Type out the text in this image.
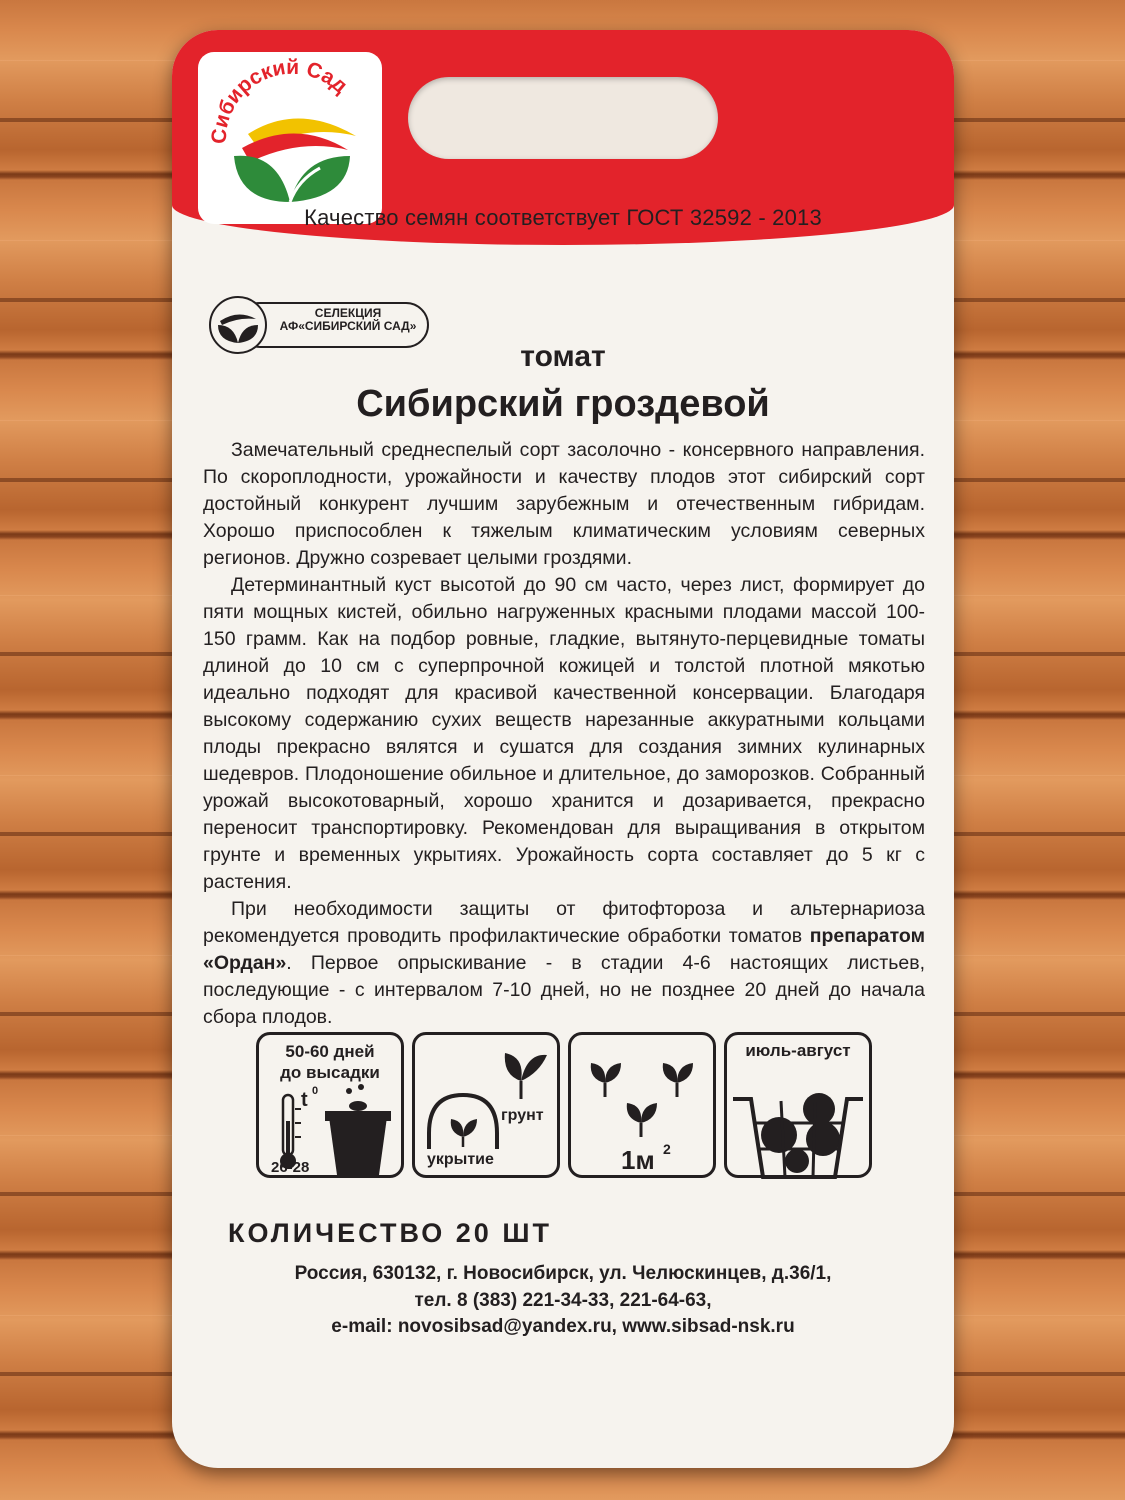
Сибирский Сад
Качество семян соответствует ГОСТ 32592 - 2013
СЕЛЕКЦИЯ
АФ«СИБИРСКИЙ САД»
томат
Сибирский гроздевой

Замечательный среднеспелый сорт засолочно - консервного направления. По скороплодности, урожайности и качеству плодов этот сибирский сорт достойный конкурент лучшим зарубежным и отечественным гибридам. Хорошо приспособлен к тяжелым климатическим условиям северных регионов. Дружно созревает целыми гроздями.

Детерминантный куст высотой до 90 см часто, через лист, формирует до пяти мощных кистей, обильно нагруженных красными плодами массой 100-150 грамм. Как на подбор ровные, гладкие, вытянуто-перцевидные томаты длиной до 10 см с суперпрочной кожицей и толстой плотной мякотью идеально подходят для красивой качественной консервации. Благодаря высокому содержанию сухих веществ нарезанные аккуратными кольцами плоды прекрасно вялятся и сушатся для создания зимних кулинарных шедевров. Плодоношение обильное и длительное, до заморозков. Собранный урожай высокотоварный, хорошо хранится и дозаривается, прекрасно переносит транспортировку. Рекомендован для выращивания в открытом грунте и временных укрытиях. Урожайность сорта составляет до 5 кг с растения.

При необходимости защиты от фитофтороза и альтернариоза рекомендуется проводить профилактические обработки томатов препаратом «Ордан». Первое опрыскивание - в стадии 4-6 настоящих листьев, последующие - с интервалом 7-10 дней, но не позднее 20 дней до начала сбора плодов.

50-60 дней
до высадки
t 0
26-28
грунт
укрытие	1м 2
июль-август
КОЛИЧЕСТВО 20 ШТ
Россия, 630132, г. Новосибирск, ул. Челюскинцев, д.36/1,
тел. 8 (383) 221-34-33, 221-64-63,
e-mail: novosibsad@yandex.ru, www.sibsad-nsk.ru
